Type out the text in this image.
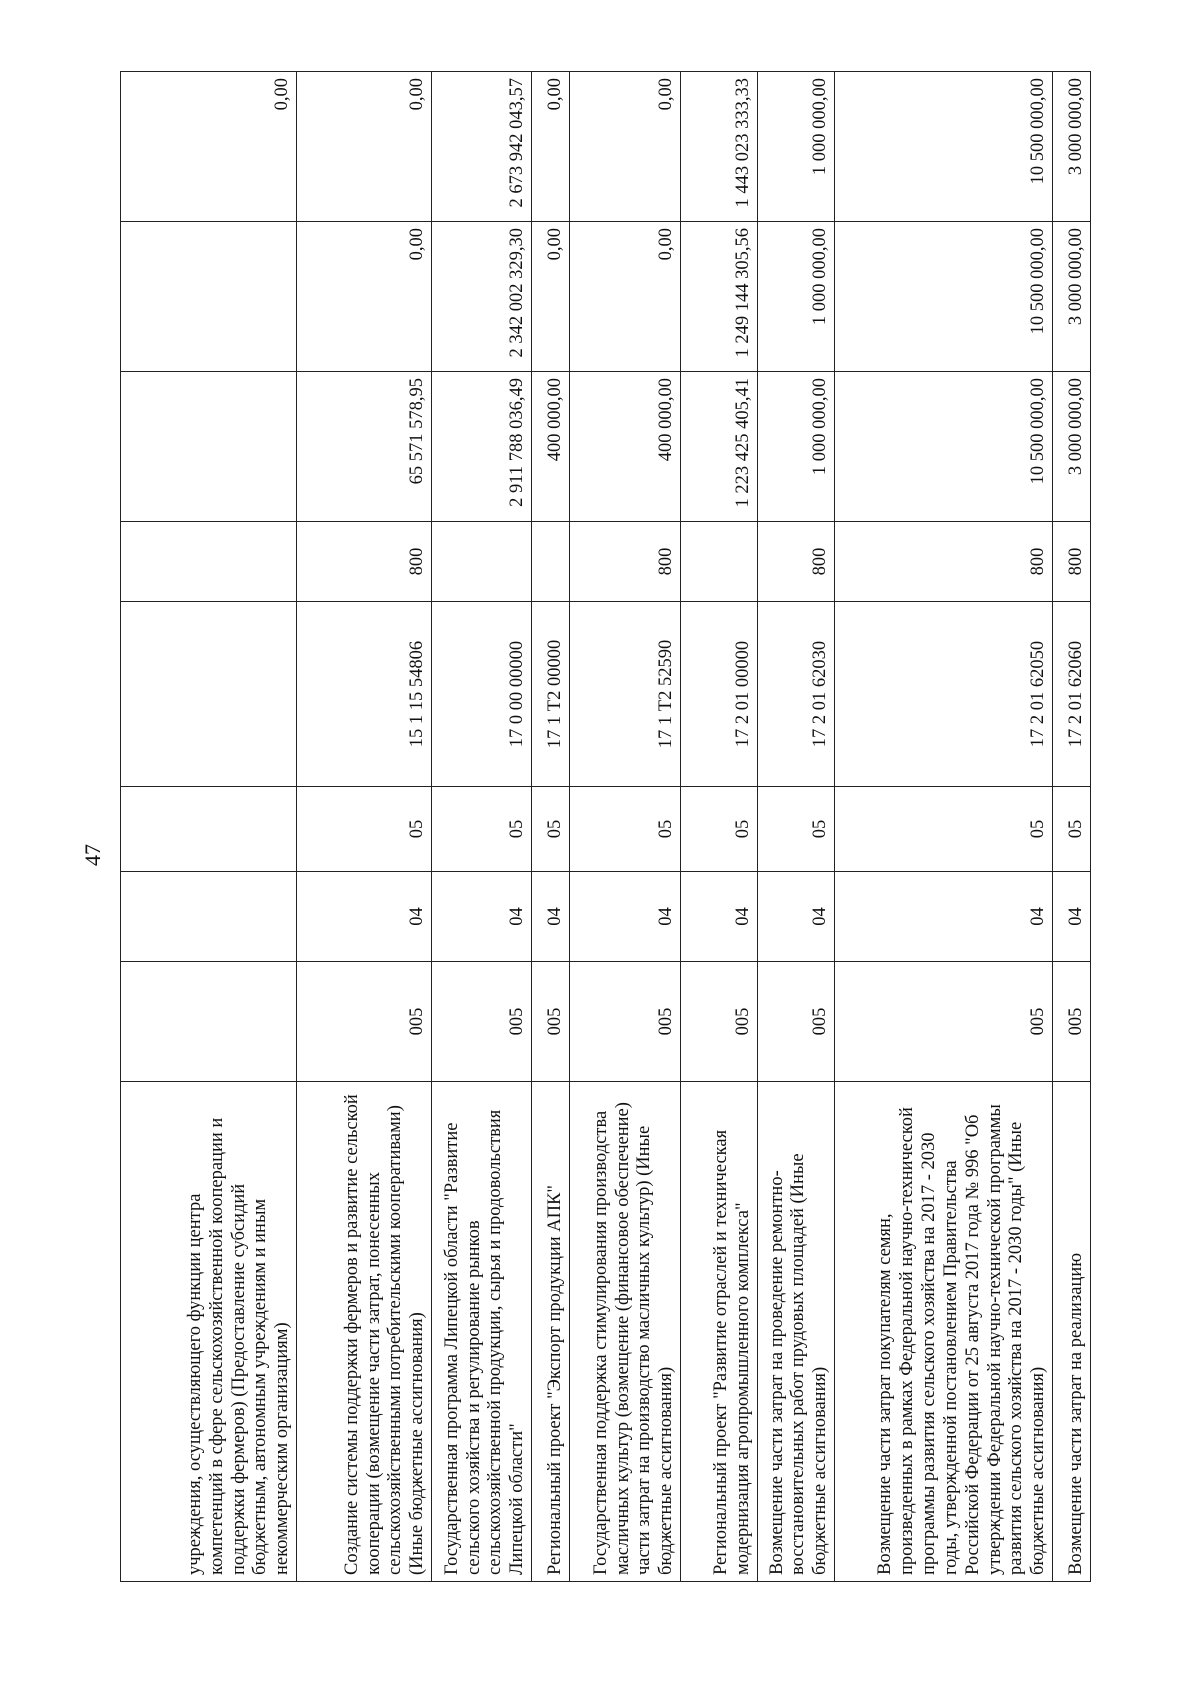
47
учреждения, осуществляющего функции центра компетенций в сфере сельскохозяйственной кооперации и поддержки фермеров) (Предоставление субсидий бюджетным, автономным учреждениям и иным некоммерческим организациям)								0,00
Создание системы поддержки фермеров и развитие сельской кооперации (возмещение части затрат, понесенных сельскохозяйственными потребительскими кооперативами) (Иные бюджетные ассигнования)	005	04	05	15 1 15 54806	800	65 571 578,95	0,00	0,00
Государственная программа Липецкой области "Развитие сельского хозяйства и регулирование рынков сельскохозяйственной продукции, сырья и продовольствия Липецкой области"	005	04	05	17 0 00 00000		2 911 788 036,49	2 342 002 329,30	2 673 942 043,57
Региональный проект "Экспорт продукции АПК"	005	04	05	17 1 Т2 00000		400 000,00	0,00	0,00
Государственная поддержка стимулирования производства масличных культур (возмещение (финансовое обеспечение) части затрат на производство масличных культур) (Иные бюджетные ассигнования)	005	04	05	17 1 Т2 52590	800	400 000,00	0,00	0,00
Региональный проект "Развитие отраслей и техническая модернизация агропромышленного комплекса"	005	04	05	17 2 01 00000		1 223 425 405,41	1 249 144 305,56	1 443 023 333,33
Возмещение части затрат на проведение ремонтно-восстановительных работ прудовых площадей (Иные бюджетные ассигнования)	005	04	05	17 2 01 62030	800	1 000 000,00	1 000 000,00	1 000 000,00
Возмещение части затрат покупателям семян, произведенных в рамках Федеральной научно-технической программы развития сельского хозяйства на 2017 - 2030 годы, утвержденной постановлением Правительства Российской Федерации от 25 августа 2017 года № 996 "Об утверждении Федеральной научно-технической программы развития сельского хозяйства на 2017 - 2030 годы" (Иные бюджетные ассигнования)	005	04	05	17 2 01 62050	800	10 500 000,00	10 500 000,00	10 500 000,00
Возмещение части затрат на реализацию	005	04	05	17 2 01 62060	800	3 000 000,00	3 000 000,00	3 000 000,00
